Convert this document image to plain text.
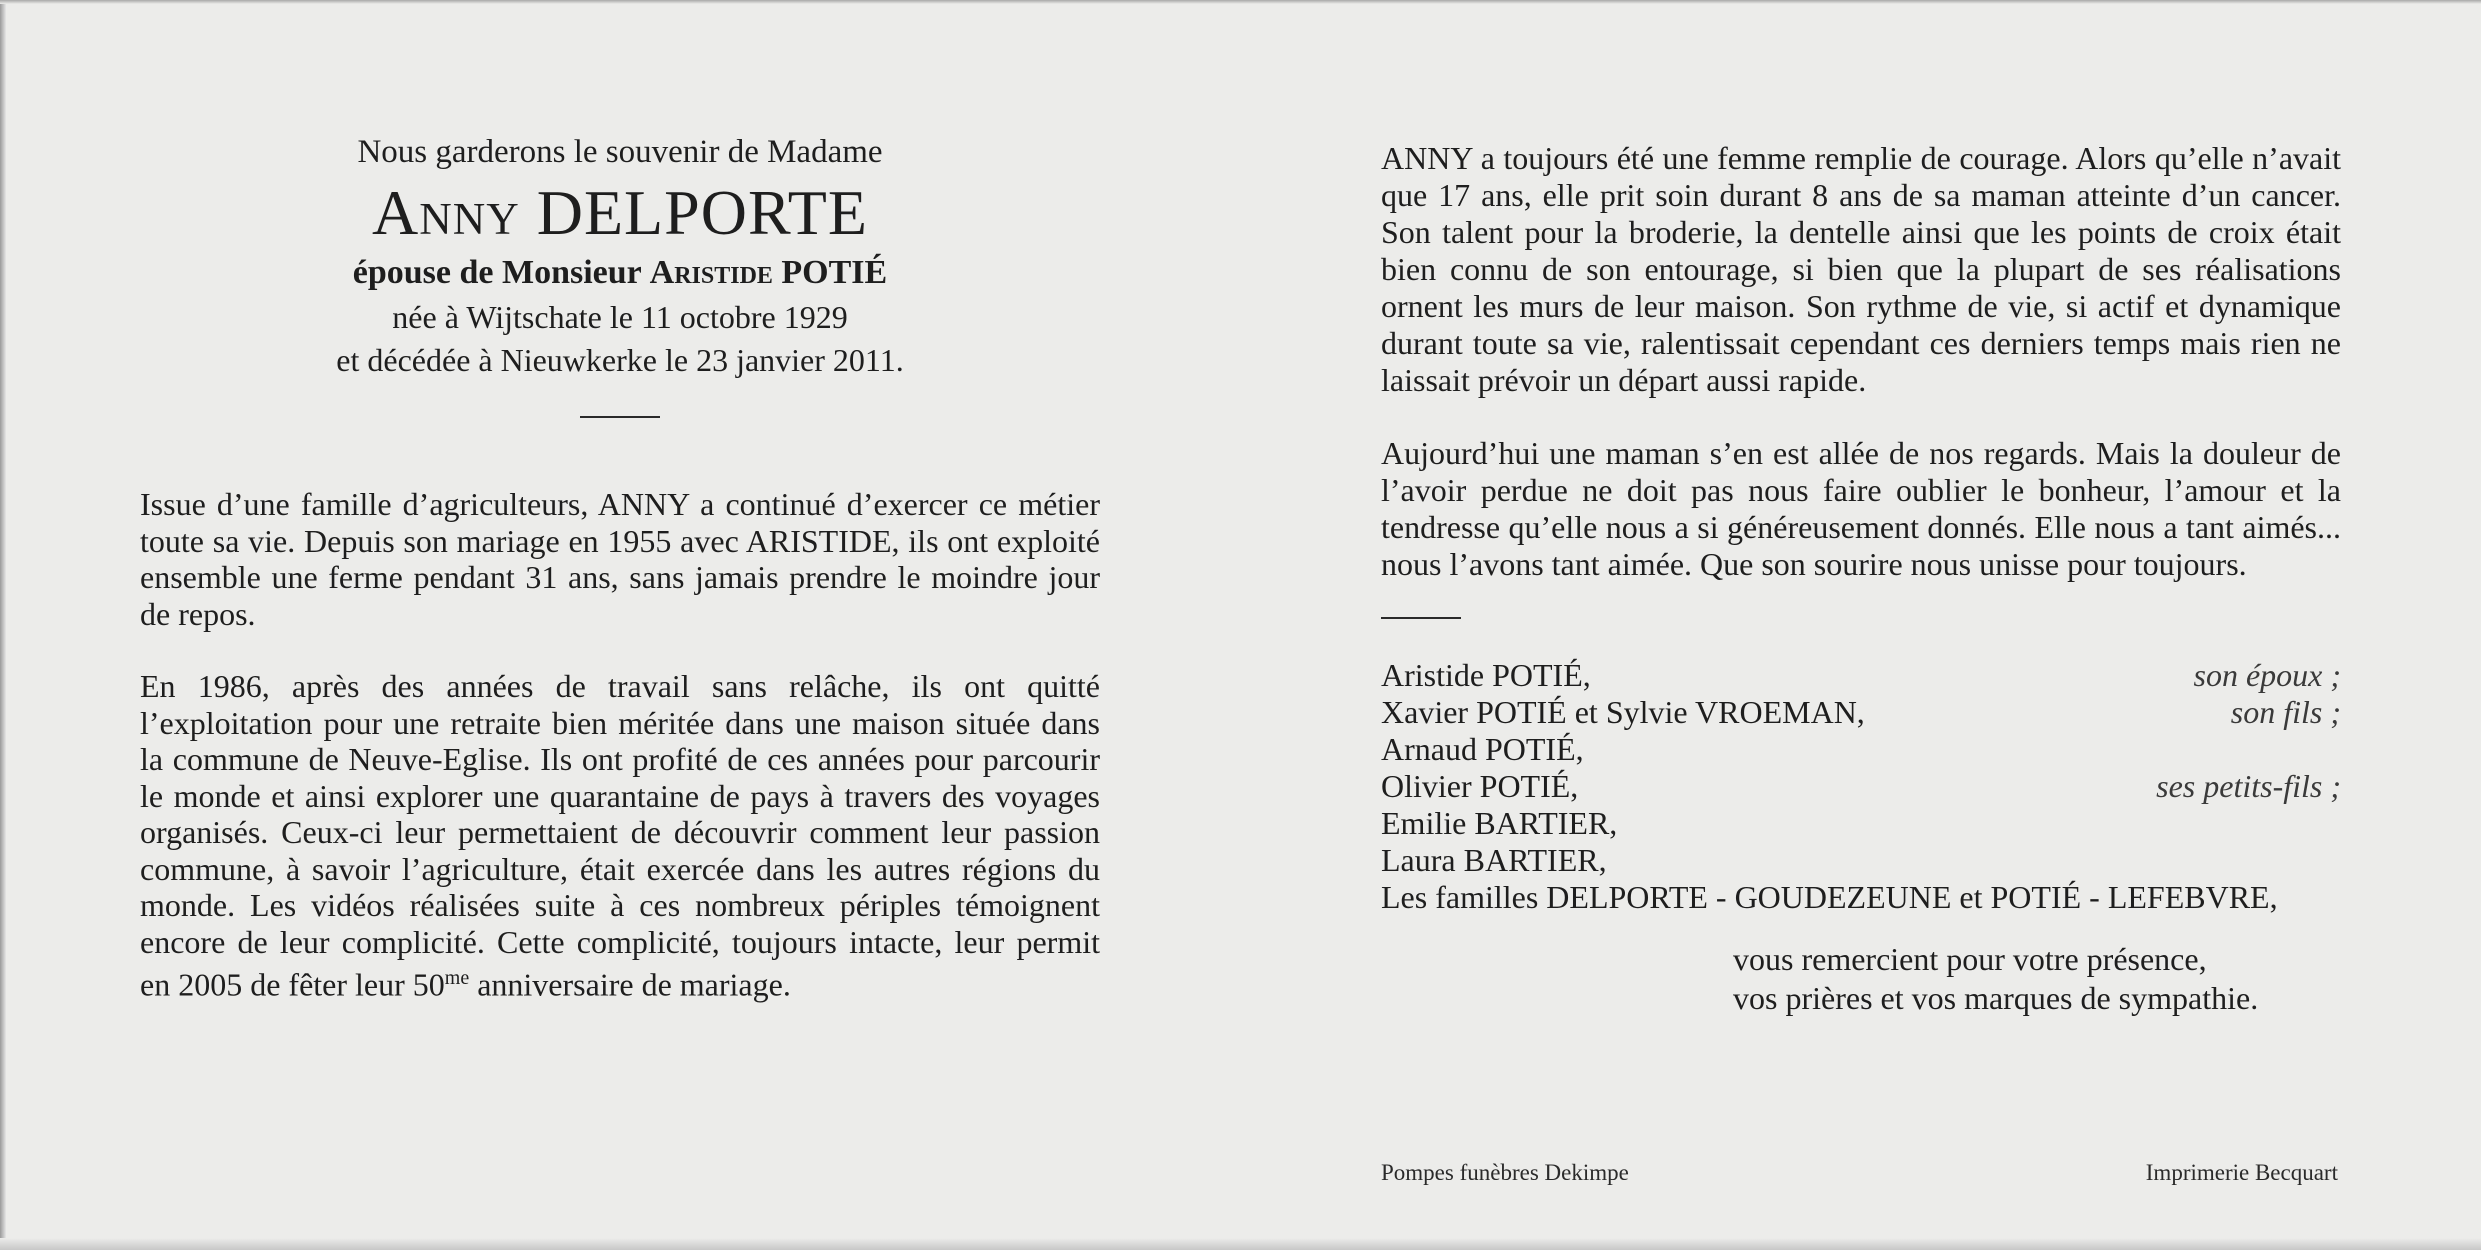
Nous garderons le souvenir de Madame
Anny DELPORTE
épouse de Monsieur Aristide POTIÉ
née à Wijtschate le 11 octobre 1929
et décédée à Nieuwkerke le 23 janvier 2011.

Issue d’une famille d’agriculteurs, ANNY a continué d’exercer ce métier toute sa vie. Depuis son mariage en 1955 avec ARISTIDE, ils ont exploité ensemble une ferme pendant 31 ans, sans jamais prendre le moindre jour de repos.

En 1986, après des années de travail sans relâche, ils ont quitté l’exploitation pour une retraite bien méritée dans une maison située dans la commune de Neuve-Eglise. Ils ont profité de ces années pour parcourir le monde et ainsi explorer une quarantaine de pays à travers des voyages organisés. Ceux-ci leur permettaient de découvrir comment leur passion commune, à savoir l’agriculture, était exercée dans les autres régions du monde. Les vidéos réalisées suite à ces nombreux périples témoignent encore de leur complicité. Cette complicité, toujours intacte, leur permit en 2005 de fêter leur $50^{me}$ anniversaire de mariage.

ANNY a toujours été une femme remplie de courage. Alors qu’elle n’avait que 17 ans, elle prit soin durant 8 ans de sa maman atteinte d’un cancer. Son talent pour la broderie, la dentelle ainsi que les points de croix était bien connu de son entourage, si bien que la plupart de ses réalisations ornent les murs de leur maison. Son rythme de vie, si actif et dynamique durant toute sa vie, ralentissait cependant ces derniers temps mais rien ne laissait prévoir un départ aussi rapide.

Aujourd’hui une maman s’en est allée de nos regards. Mais la douleur de l’avoir perdue ne doit pas nous faire oublier le bonheur, l’amour et la tendresse qu’elle nous a si généreusement donnés. Elle nous a tant aimés... nous l’avons tant aimée. Que son sourire nous unisse pour toujours.

Aristide POTIÉ,	son époux ;
Xavier POTIÉ et Sylvie VROEMAN,	son fils ;
Arnaud POTIÉ,
Olivier POTIÉ,	ses petits-fils ;
Emilie BARTIER,
Laura BARTIER,
Les familles DELPORTE - GOUDEZEUNE et POTIÉ - LEFEBVRE,
vous remercient pour votre présence,
vos prières et vos marques de sympathie.
Pompes funèbres Dekimpe	Imprimerie Becquart
